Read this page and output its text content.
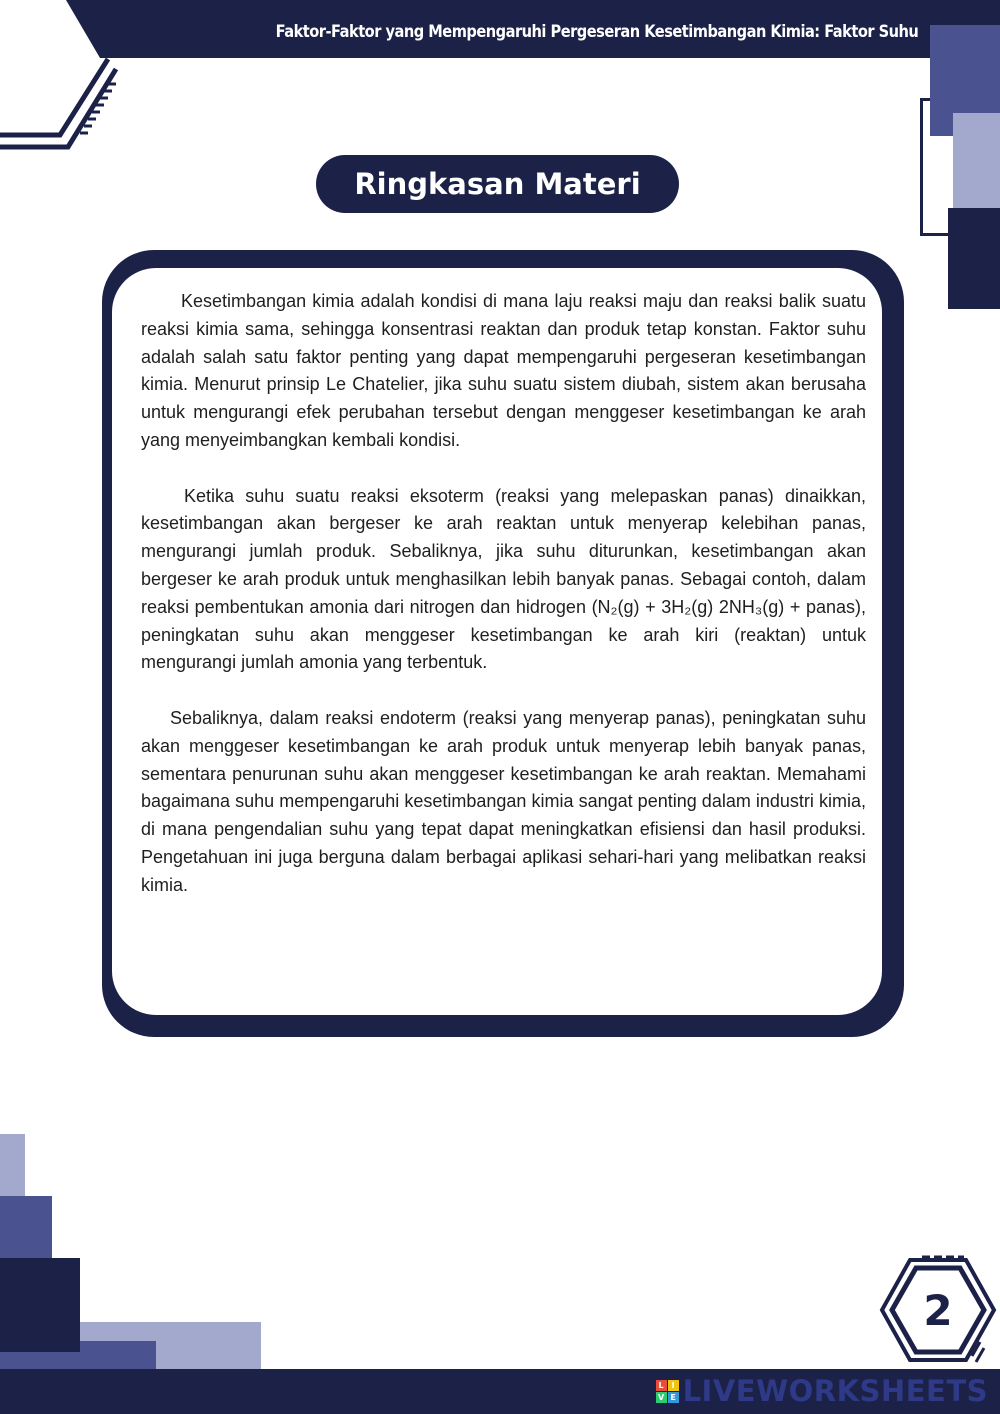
Faktor-Faktor yang Mempengaruhi Pergeseran Kesetimbangan Kimia: Faktor Suhu
Ringkasan Materi

Kesetimbangan kimia adalah kondisi di mana laju reaksi maju dan reaksi balik suatu reaksi kimia sama, sehingga konsentrasi reaktan dan produk tetap konstan. Faktor suhu adalah salah satu faktor penting yang dapat mempengaruhi pergeseran kesetimbangan kimia. Menurut prinsip Le Chatelier, jika suhu suatu sistem diubah, sistem akan berusaha untuk mengurangi efek perubahan tersebut dengan menggeser kesetimbangan ke arah yang menyeimbangkan kembali kondisi.

Ketika suhu suatu reaksi eksoterm (reaksi yang melepaskan panas) dinaikkan, kesetimbangan akan bergeser ke arah reaktan untuk menyerap kelebihan panas, mengurangi jumlah produk. Sebaliknya, jika suhu diturunkan, kesetimbangan akan bergeser ke arah produk untuk menghasilkan lebih banyak panas. Sebagai contoh, dalam reaksi pembentukan amonia dari nitrogen dan hidrogen (N₂(g) + 3H₂(g) 2NH₃(g) + panas), peningkatan suhu akan menggeser kesetimbangan ke arah kiri (reaktan) untuk mengurangi jumlah amonia yang terbentuk.

Sebaliknya, dalam reaksi endoterm (reaksi yang menyerap panas), peningkatan suhu akan menggeser kesetimbangan ke arah produk untuk menyerap lebih banyak panas, sementara penurunan suhu akan menggeser kesetimbangan ke arah reaktan. Memahami bagaimana suhu mempengaruhi kesetimbangan kimia sangat penting dalam industri kimia, di mana pengendalian suhu yang tepat dapat meningkatkan efisiensi dan hasil produksi. Pengetahuan ini juga berguna dalam berbagai aplikasi sehari-hari yang melibatkan reaksi kimia.

2
L I
V E LIVEWORKSHEETS
